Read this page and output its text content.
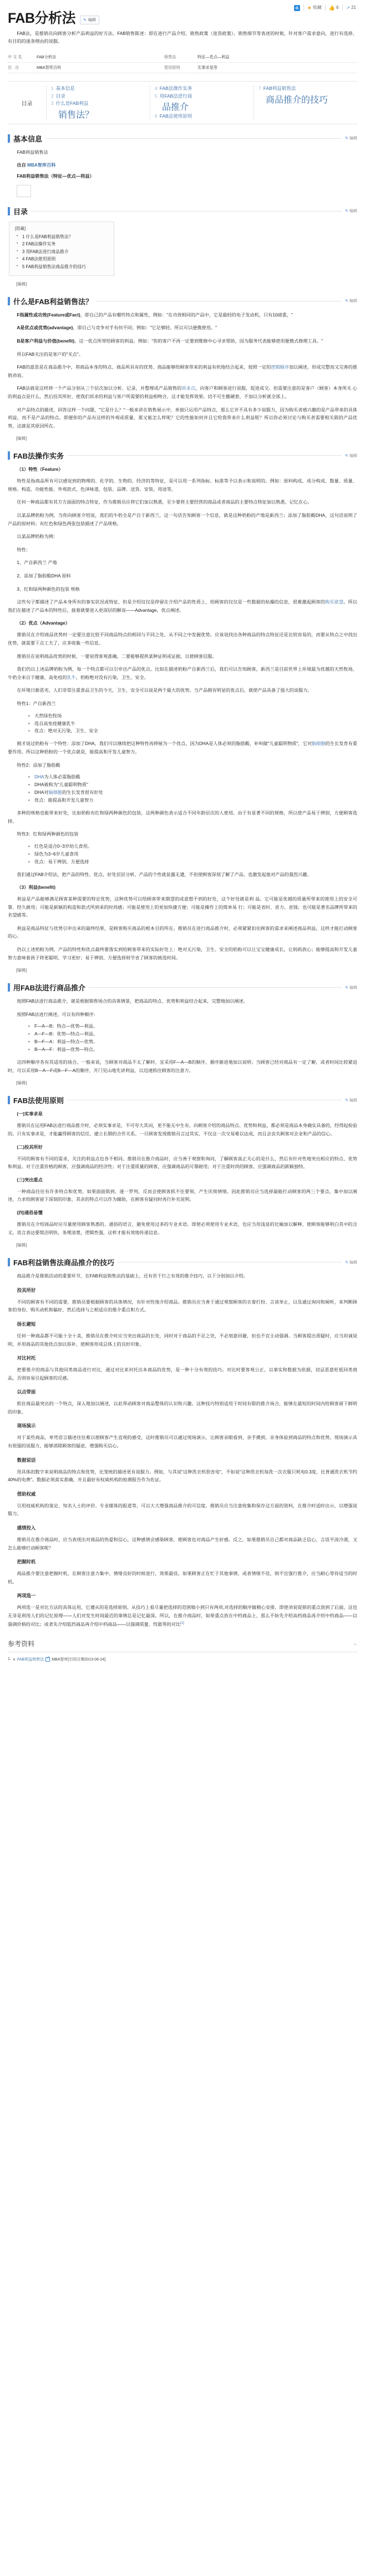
★ 收藏 👍 6 ↗ 21
FAB分析法 ✎ 编辑

FAB法，是推销员向顾客分析产品利益的好方法。FAB销售陈述：即在进行产品介绍、销售政策（进货政策）、销售细节等表述的时候，针对客户需求意向，进行有选择、有目的的逐条理由的说服。

中文名	FAB分析法	销售法	特征—优点—利益
出 自	MBA智库百科	使用原则	实事求是等
目录
1 基本信息
2 目录
3 什么是FAB利益
销售法？
4 FAB法操作实务
5 用FAB法进行商
品推介
6 FAB法使用原则
7 FAB利益销售法
商品推介的技巧
基本信息	✎ 编辑

FAB利益销售法

出自 MBA智库百科

FAB利益销售法（特征—优点—利益）

目录	✎ 编辑
[隐藏]
• 1 什么是FAB利益销售法？
• 2 FAB法操作实务
• 3 用FAB法进行商品推介
• 4 FAB法使用原则
• 5 FAB利益销售法商品推介的技巧
[编辑]
什么是FAB利益销售法？	✎ 编辑

F指属性或功效(Feature或Fact)，即自己的产品有哪些特点和属性，例如："在功效相同的产品中，它是最轻的电子发动机，只有10磅重，"

A是优点或优势(advantage)，即自己与竞争对手有何不同；例如："它足够轻。所以可以便携使用。"

B是客户利益与价值(benefit)，这一优点所带给顾客的利益。例如："你的客户不再一定要到维修中心寻求帮助，因为服务代表能够使用便携式修理工具。"

所以FAB关注的是客户的"买点"。

FAB的意思是在商品推介中，将商品本身的特点、商品所具有的优势、商品能够给顾客带来的利益有机地结合起来，按照一定的逻辑顺序加以阐述，形成完整而又完善的推销劝说。

FAB法就是这样将一个产品分别从三个层次加以分析、记录，并整理成产品销售的诉求点，向客户和顾客进行说服，促进成交。但需要注意的是客户（顾客）本身所关 心的利益点是什么，然后投其所好，使我们诉求的利益与客户所需要的利益相吻合，这才能发挥效果。切不可生搬硬套，不加以分析就全部上。

对产品特点的描述，回答这样一个问题，"它是什么？"一般来讲在销售展示中，单独只运用产品特点，那么它并不具有多少说服力，因为购买者感兴趣的是产品带来的具体利益，而不是产品的特点。即便你的产品有这样的外观或质量，那又能怎么样呢？它的性能如何并且它给我带来什么利益呢？所以你必须讨论与购买者需要相关联的产品优势，这就是其原因所在。

[编辑]
FAB法操作实务	✎ 编辑

（1）特性（Feature）

特性是指商品所有可以感觉到的物理的、化学的、生物的、经济的等特征，是可以用一系列指标、标准等予以表示和说明的。例如：原料构成、成分构成、数量、质量、规格、构造、功能性能、外观款式、色泽味道、包装、品牌、送货、安装、用途等，

任何一种商品都有其方方面面的特点特征，作为推销员应将它们加以熟悉，至少要将主要经营的商品或者商品的主要特点特征加以熟悉，记忆在心。

以某品牌奶粉为例，当你向顾客介绍说，我们的牛奶全是产自于新西兰，这一句话告知顾客一个信息，就是这种奶粉的产地是新西兰；添加了脂肪酸DHA，这句话说明了产品的原材料；有红色和绿色两张包装描述了产品规格。

以某品牌奶粉为例：

特性：

1、产自新西兰 产地

2、添加了脂肪酸DHA 原料

3、红和绿两种颜色的包装 规格

这些句子都描述了产品本身所有的事实状况或特征，但是介绍仅仅是停留在介绍产品的性质上，给顾客的仅仅是一些数据的枯燥的信息，很难激起顾客的购买欲望。所以我们在描述了产品本的特性后，接着就要进入更深层的解说——Advantage，优点阐述。

（2）优点（Advantage）

推销员在介绍商品优势时一定要注意比较不同商品特点的相同与不同之处，从不同之中发掘优势。应该说找出各种商品的特点特征还是比较容易的，而要从特点之中找出优势，就需要下点工夫了，应多收集一些信息。

推销员在说明商品优势的时候，一要说得客观准确，二要能够提供某种证明或证据，以使顾客信服。

我们仍以上述品牌奶粉为例，每一个特点都可以引申出产品的优点。比如在描述奶粉产自新西兰后，我们可以告知顾客，新西兰是目前世界上环境最为优越的天然牧场，牛奶全来自于健康、高免疫的乳牛，奶粉绝对没有污染，卫生、安全。

在环境日渐恶劣，人们非常注重食品卫生的今天，卫生、安全可以说是两个最大的优势。当产品拥有明显的优点后，就使产品具备了强大的说服力。

特性1：产自新西兰

• 天然绿色牧场
• 选自高免疫健康乳牛
• 优点：绝对无污染，卫生、安全

刚才说过奶粉有一个特性：添加了DHA。我们可以继续把这种特性再伸展为一个优点，因为DHA是人体必须的脂肪酸，补叫做"儿童聪明物质"，它对脑细胞的生长发育有重要作用。所以这种奶粉的一个优点就是，能提高和开发儿童智力。

特性2：添加了脂肪酸

• DHA为人体必需脂肪酸
• DHA被称为"儿童聪明物质"
• DHA对脑细胞的生长发育很有好处
• 优点：能提高和开发儿童智力

多种的规格也能带来好处，比如奶粉有红和绿两种颜色的包装，这两种颜色表示适合不同年龄层次的人使用。由于有显著不同的规格，所以使产品易于辨别，方便顾客选择。

特性3：红和绿两种颜色的包装

• 红色是适合0~3岁幼儿食用。
• 绿色为3~6岁儿童食用
• 优点：易于辨别，方便选择

我们通过FAB介绍法，把产品的特性、优点、好处层层分析，产品的个性就显露无遗，不但使顾客深刻了解了产品，也激发起他对产品的强烈兴趣。

（3）利益(benefit)

利益是产品能够满足顾客某种需要的特定优势，这种优势可以给顾客带来期望的或意想不到的好处，这个好处就是利 益。它可能是优越的质量所带来的使用上的安全可靠、经久耐用；可能是新颖的构造和款式所到来的时尚感；可能是使用上的更加快捷方便；可能是操作上的简单易 行；可能是省时、省力、省钱；也可能是著名品牌所带来的名望感等。

利益是商品特征与优势引申出来的最终结果，是顾客购买商品的根本目的所在。推销员在进行商品推介时，必须紧紧扣住顾客的需求来阐述商品利益，这样才能打动顾客的心。

仍以上述奶粉为例，产品的特性和优点最终要落实到给顾客带来的实际好处上：绝对无污染，卫生、安全的奶粉可以让宝宝健康成长，让妈妈放心；能够提高和开发儿童智力意味着孩子将更聪明、学习更好；易于辨别、方便选择则节省了顾客的挑选时间。

[编辑]
用FAB法进行商品推介	✎ 编辑

按照FAB法进行商品推介，就是根据销售场合的具体情景，把商品的特点、优势和利益结合起来，完整地加以阐述。

按照FAB法进行阐述，可以有四种顺序：

• F—A—B：特点—优势—利益。
• A—F—B：优势—特点—利益。
• B—F—A：利益—特点—优势。
• B—A—F：利益—优势—特点。

这四种顺序各有其适用的场合。一般来说，当顾客对商品不太了解时，宜采用F—A—B的顺序，循序渐进地加以说明；当顾客已经对商品有一定了解，或者时间比较紧迫时，可以采用B—A—F或B—F—A的顺序，开门见山地先讲利益，以迅速抓住顾客的注意力。

[编辑]
FAB法使用原则	✎ 编辑

(一)实事求是

推销员在运用FAB法进行商品推介时，必须实事求是，不可夸大其词，更不能无中生有。向顾客介绍的商品特点、优势和利益，都必须是商品本身确实具备的，经得起检验的。只有实事求是，才能赢得顾客的信任，建立长期的合作关系。一旦顾客发现推销员言过其实，不仅这一次交易难以达成，而且会丧失顾客对企业和产品的信心。

(二)投其所好

不同的顾客有不同的需求，关注的利益点也各不相同。推销员在推介商品时，应当善于观察和询问，了解顾客真正关心的是什么，然后有针对性地突出相应的特点、优势和利益。对于注重价格的顾客，应强调商品的经济性；对于注重质量的顾客，应强调商品的可靠耐用；对于注重时尚的顾客，应强调商品的新颖独特。

(三)突出重点

一种商品往往有许多特点和优势，如果面面俱到，逐一罗列，反而会使顾客抓不住要领，产生厌烦情绪。因此推销员应当选择最能打动顾客的两三个要点，集中加以阐述，力求给顾客留下深刻的印象。其余的特点可以作为辅助，在顾客有疑问时再行补充说明。

(四)通俗易懂

推销员在介绍商品时应尽量使用顾客熟悉的、通俗的语言，避免使用过多的专业术语。即使必须使用专业术语，也应当用浅显的比喻加以解释，使顾客能够明白其中的含义。语言表达要简洁明快，条理清楚，逻辑性强，这样才能有效地传递信息。

[编辑]
FAB利益销售法商品推介的技巧	✎ 编辑

商品推介是推销活动的重要环节，在FAB利益销售法的基础上，还有若干行之有效的推介技巧，以下分别加以介绍。

投其所好

不同的顾客有不同的需要，推销员要根据顾客的具体情况，有针对性地介绍商品。推销员应当善于通过观察顾客的衣着打扮、言谈举止，以及通过询问和倾听，来判断顾客的身份、购买动机和偏好，然后选择与之相适应的推介重点和方式。

扬长避短

任何一种商品都不可能十全十美，推销员在推介时应当突出商品的长处，同时对于商品的不足之处，不必刻意回避，但也不宜主动强调。当顾客提出质疑时，应当坦诚说明，并用商品的其他优点加以弥补，使顾客形成总体上的良好印象。

对比衬托

把要推介的商品与其他同类商品进行对比，通过对比来衬托出本商品的优势，是一种十分有效的技巧。对比时要客观公正，以事实和数据为依据，切忌恶意贬低同类商品，否则容易引起顾客的反感。

以点带面

抓住商品最突出的一个特点，深入地加以阐述，以此带动顾客对商品整体的认识和兴趣。这种技巧特别适用于时间有限的推介场合，能够在最短的时间内给顾客留下鲜明的印象。

现场演示

对于某些商品，单凭语言描述往往难以使顾客产生直观的感受，这时推销员可以通过现场演示，让顾客亲眼看到、亲手摸到、亲身体验到商品的特点和优势。现场演示具有很强的说服力，能够消除顾客的疑虑，增强购买信心。

数据说话

用具体的数字来说明商品的特点和优势，比笼统的描述更有说服力。例如，与其说"这种洗衣机很省电"，不如说"这种洗衣机每洗一次衣服只耗电0.3度，比普通洗衣机节约40%的电费"。数据必须真实准确，并且最好有权威机构的检测报告作为佐证。

借助权威

引用权威机构的鉴定、知名人士的评价、专业媒体的报道等，可以大大增强商品推介的可信度。推销员应当注意收集和保存这方面的资料，在推介时适时出示，以增强说服力。

感情投入

推销员在推介商品时，应当表现出对商品的热爱和信心，这种感情会感染顾客，使顾客也对商品产生好感。反之，如果推销员自己都对商品缺乏信心，言语平淡冷漠，又怎么能够打动顾客呢？

把握时机

商品推介要注意把握时机，在顾客注意力集中、情绪良好的时候进行，效果最佳。如果顾客正在忙于其他事情，或者情绪不佳，则不宜强行推介，应当耐心等待适当的时机。

两项选一

两项选一是对比方法的具体运用，它遵从的是选择原则。从技巧上看尽量把选择的范围缩小到只有两项,对选择的顺序做精心安排，即使劝说促销的重点放到了后面，这也无非是利用人们的记忆原理——人们对发生时间最近的事情总是记忆最深。所以，在推介商品时，如果重点放在中档商品上，那么不妨先介绍高档商品再介绍中档商品——以强调价格的对比；或者先介绍低挡商品再介绍中档商品——以强调质量、性能等的对比[1]

参考资料	⌄
1. ∧ FAB利益销售法 ↗ MBA智库[引用日期2013-06-24]
